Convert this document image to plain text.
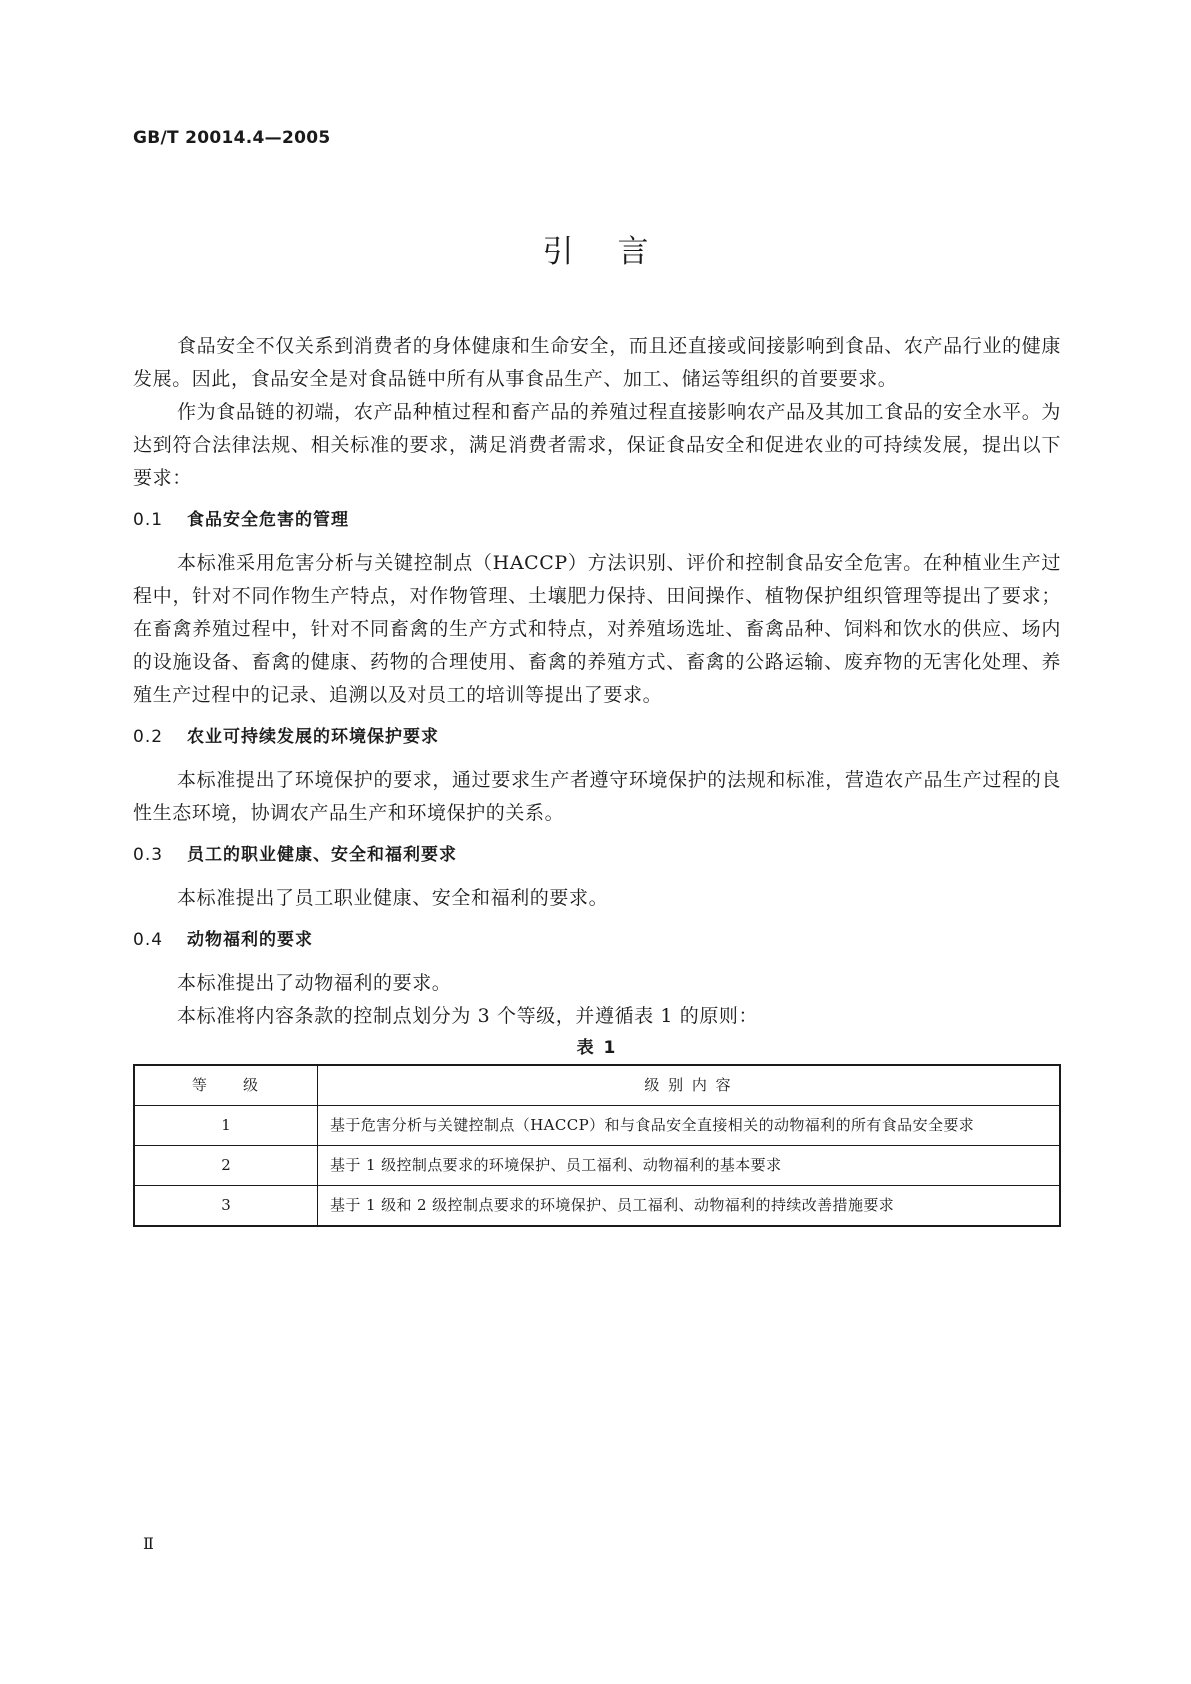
GB/T 20014.4—2005
引言

食品安全不仅关系到消费者的身体健康和生命安全，而且还直接或间接影响到食品、农产品行业的健康发展。因此，食品安全是对食品链中所有从事食品生产、加工、储运等组织的首要要求。

作为食品链的初端，农产品种植过程和畜产品的养殖过程直接影响农产品及其加工食品的安全水平。为达到符合法律法规、相关标准的要求，满足消费者需求，保证食品安全和促进农业的可持续发展，提出以下要求：

0.1 食品安全危害的管理

本标准采用危害分析与关键控制点（HACCP）方法识别、评价和控制食品安全危害。在种植业生产过程中，针对不同作物生产特点，对作物管理、土壤肥力保持、田间操作、植物保护组织管理等提出了要求；在畜禽养殖过程中，针对不同畜禽的生产方式和特点，对养殖场选址、畜禽品种、饲料和饮水的供应、场内的设施设备、畜禽的健康、药物的合理使用、畜禽的养殖方式、畜禽的公路运输、废弃物的无害化处理、养殖生产过程中的记录、追溯以及对员工的培训等提出了要求。

0.2 农业可持续发展的环境保护要求

本标准提出了环境保护的要求，通过要求生产者遵守环境保护的法规和标准，营造农产品生产过程的良性生态环境，协调农产品生产和环境保护的关系。

0.3 员工的职业健康、安全和福利要求

本标准提出了员工职业健康、安全和福利的要求。

0.4 动物福利的要求

本标准提出了动物福利的要求。

本标准将内容条款的控制点划分为 3 个等级，并遵循表 1 的原则：

表 1
等　　级	级 别 内 容
1	基于危害分析与关键控制点（HACCP）和与食品安全直接相关的动物福利的所有食品安全要求
2	基于 1 级控制点要求的环境保护、员工福利、动物福利的基本要求
3	基于 1 级和 2 级控制点要求的环境保护、员工福利、动物福利的持续改善措施要求
Ⅱ
